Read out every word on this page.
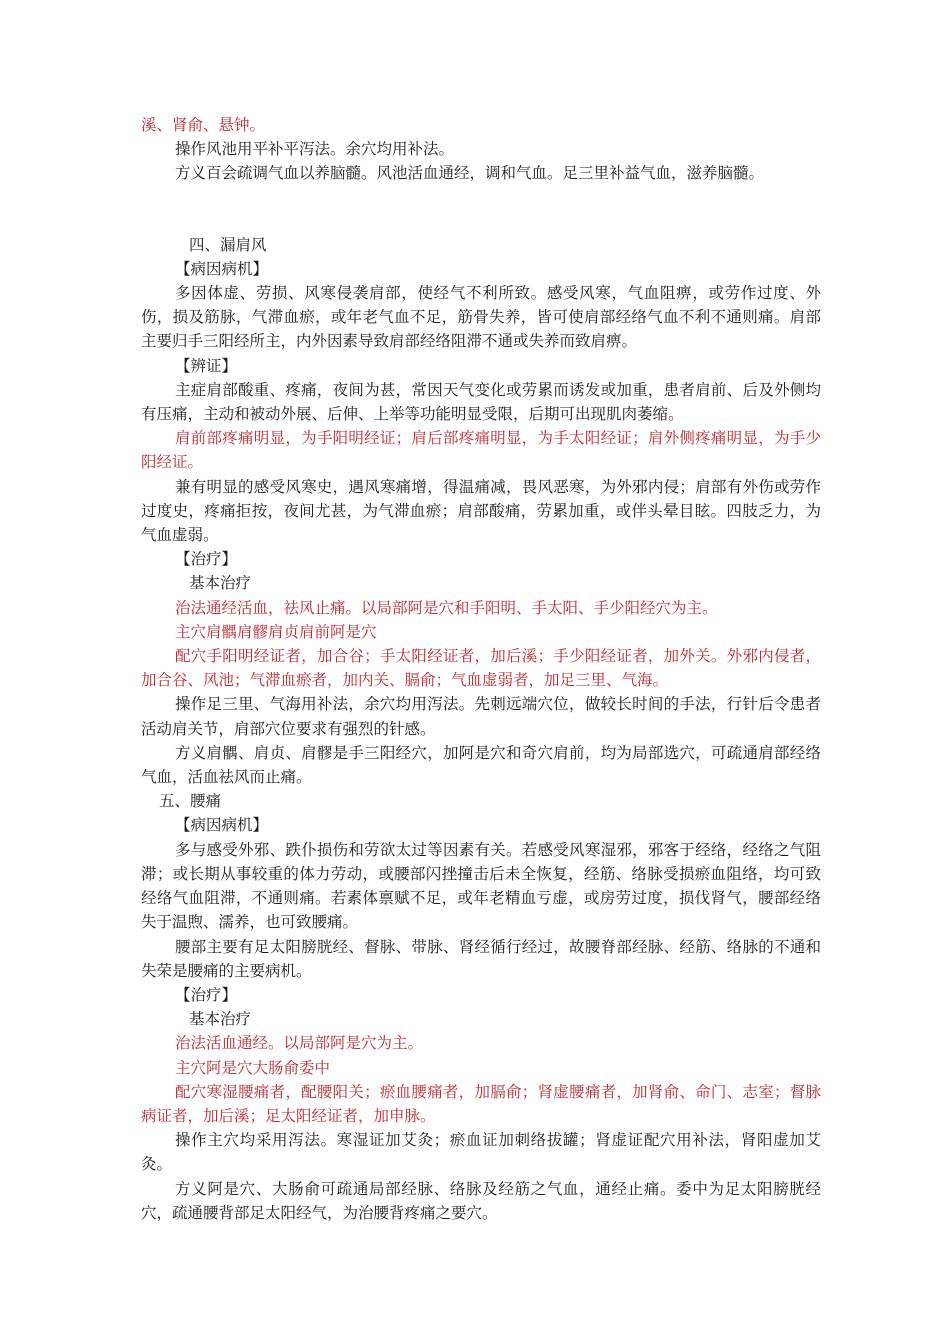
溪、肾俞、悬钟。

操作风池用平补平泻法。余穴均用补法。

方义百会疏调气血以养脑髓。风池活血通经，调和气血。足三里补益气血，滋养脑髓。

四、漏肩风

【病因病机】

多因体虚、劳损、风寒侵袭肩部，使经气不利所致。感受风寒，气血阻痹，或劳作过度、外伤，损及筋脉，气滞血瘀，或年老气血不足，筋骨失养，皆可使肩部经络气血不利不通则痛。肩部主要归手三阳经所主，内外因素导致肩部经络阻滞不通或失养而致肩痹。

【辨证】

主症肩部酸重、疼痛，夜间为甚，常因天气变化或劳累而诱发或加重，患者肩前、后及外侧均有压痛，主动和被动外展、后伸、上举等功能明显受限，后期可出现肌肉萎缩。

肩前部疼痛明显，为手阳明经证；肩后部疼痛明显，为手太阳经证；肩外侧疼痛明显，为手少阳经证。

兼有明显的感受风寒史，遇风寒痛增，得温痛减，畏风恶寒，为外邪内侵；肩部有外伤或劳作过度史，疼痛拒按，夜间尤甚，为气滞血瘀；肩部酸痛，劳累加重，或伴头晕目眩。四肢乏力，为气血虚弱。

【治疗】

基本治疗

治法通经活血，祛风止痛。以局部阿是穴和手阳明、手太阳、手少阳经穴为主。

主穴肩髃肩髎肩贞肩前阿是穴

配穴手阳明经证者，加合谷；手太阳经证者，加后溪；手少阳经证者，加外关。外邪内侵者，加合谷、风池；气滞血瘀者，加内关、膈俞；气血虚弱者，加足三里、气海。

操作足三里、气海用补法，余穴均用泻法。先刺远端穴位，做较长时间的手法，行针后令患者活动肩关节，肩部穴位要求有强烈的针感。

方义肩髃、肩贞、肩髎是手三阳经穴，加阿是穴和奇穴肩前，均为局部选穴，可疏通肩部经络气血，活血祛风而止痛。

五、腰痛

【病因病机】

多与感受外邪、跌仆损伤和劳欲太过等因素有关。若感受风寒湿邪，邪客于经络，经络之气阻滞；或长期从事较重的体力劳动，或腰部闪挫撞击后未全恢复，经筋、络脉受损瘀血阻络，均可致经络气血阻滞，不通则痛。若素体禀赋不足，或年老精血亏虚，或房劳过度，损伐肾气，腰部经络失于温煦、濡养，也可致腰痛。

腰部主要有足太阳膀胱经、督脉、带脉、肾经循行经过，故腰脊部经脉、经筋、络脉的不通和失荣是腰痛的主要病机。

【治疗】

基本治疗

治法活血通经。以局部阿是穴为主。

主穴阿是穴大肠俞委中

配穴寒湿腰痛者，配腰阳关；瘀血腰痛者，加膈俞；肾虚腰痛者，加肾俞、命门、志室；督脉病证者，加后溪；足太阳经证者，加申脉。

操作主穴均采用泻法。寒湿证加艾灸；瘀血证加刺络拔罐；肾虚证配穴用补法，肾阳虚加艾灸。

方义阿是穴、大肠俞可疏通局部经脉、络脉及经筋之气血，通经止痛。委中为足太阳膀胱经穴，疏通腰背部足太阳经气，为治腰背疼痛之要穴。
